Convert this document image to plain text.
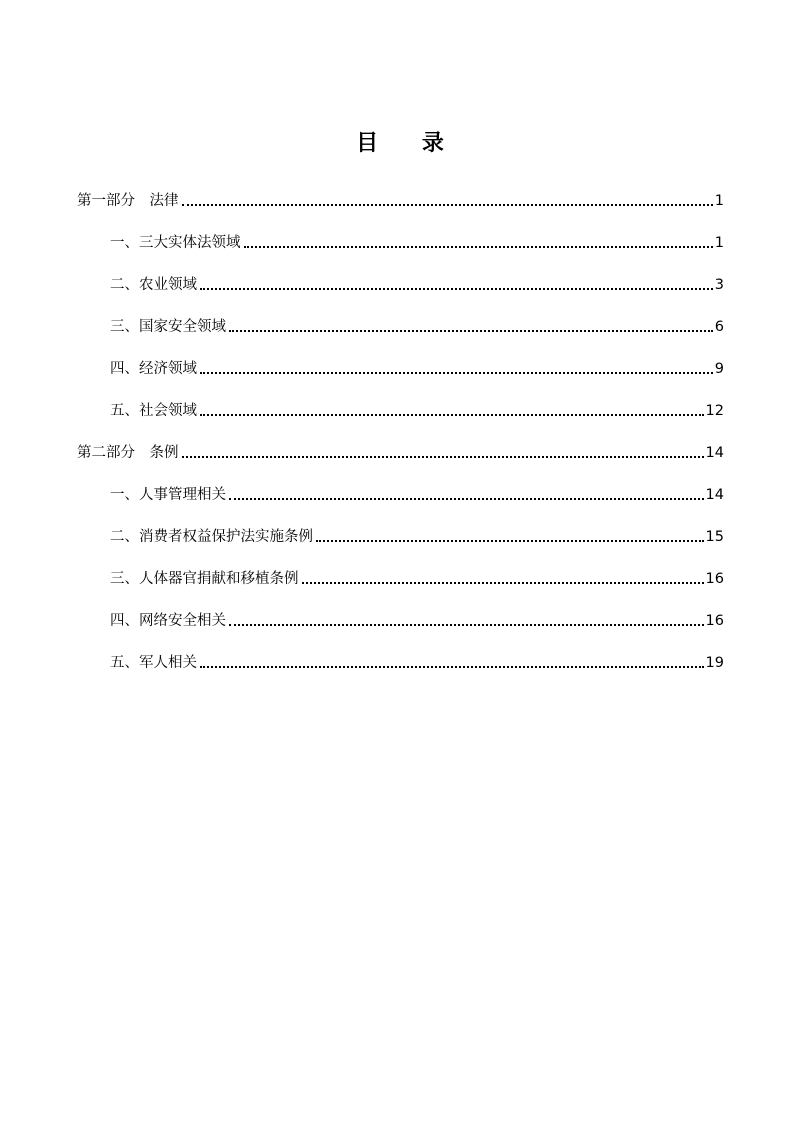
目 录
第一部分　法律	1
一、三大实体法领域	1
二、农业领域	3
三、国家安全领域	6
四、经济领域	9
五、社会领域	12
第二部分　条例	14
一、人事管理相关	14
二、消费者权益保护法实施条例	15
三、人体器官捐献和移植条例	16
四、网络安全相关	16
五、军人相关	19
